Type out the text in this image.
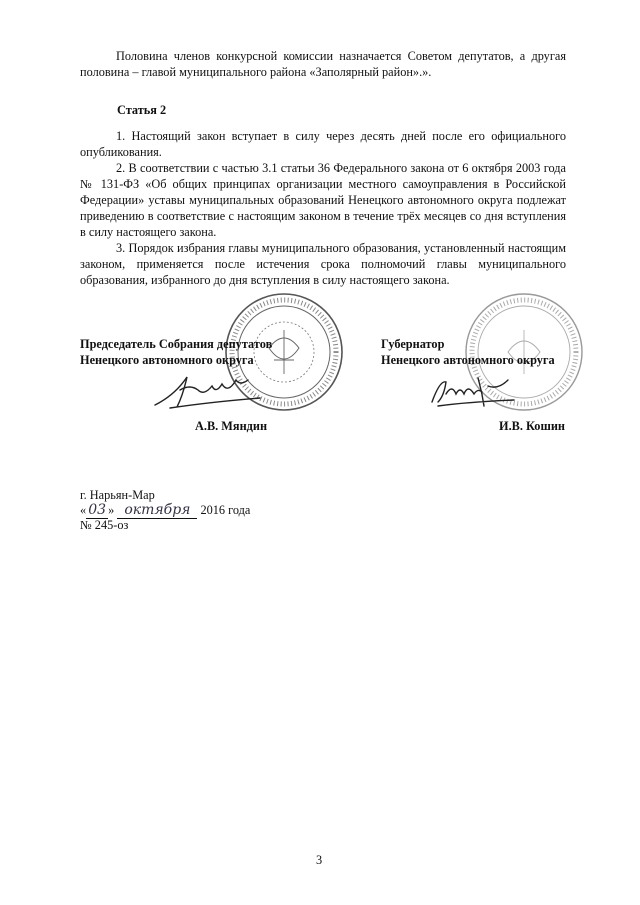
Половина членов конкурсной комиссии назначается Советом депутатов, а другая половина – главой муниципального района «Заполярный район».».

Статья 2

1. Настоящий закон вступает в силу через десять дней после его официального опубликования.

2. В соответствии с частью 3.1 статьи 36 Федерального закона от 6 октября 2003 года № 131-ФЗ «Об общих принципах организации местного самоуправления в Российской Федерации» уставы муниципальных образований Ненецкого автономного округа подлежат приведению в соответствие с настоящим законом в течение трёх месяцев со дня вступления в силу настоящего закона.

3. Порядок избрания главы муниципального образования, установленный настоящим законом, применяется после истечения срока полномочий главы муниципального образования, избранного до дня вступления в силу настоящего закона.

Председатель Собрания депутатов
Ненецкого автономного округа
А.В. Мяндин
Губернатор
Ненецкого автономного округа
И.В. Кошин
г. Нарьян-Мар
« 03 » октября 2016 года
№ 245-оз
3
